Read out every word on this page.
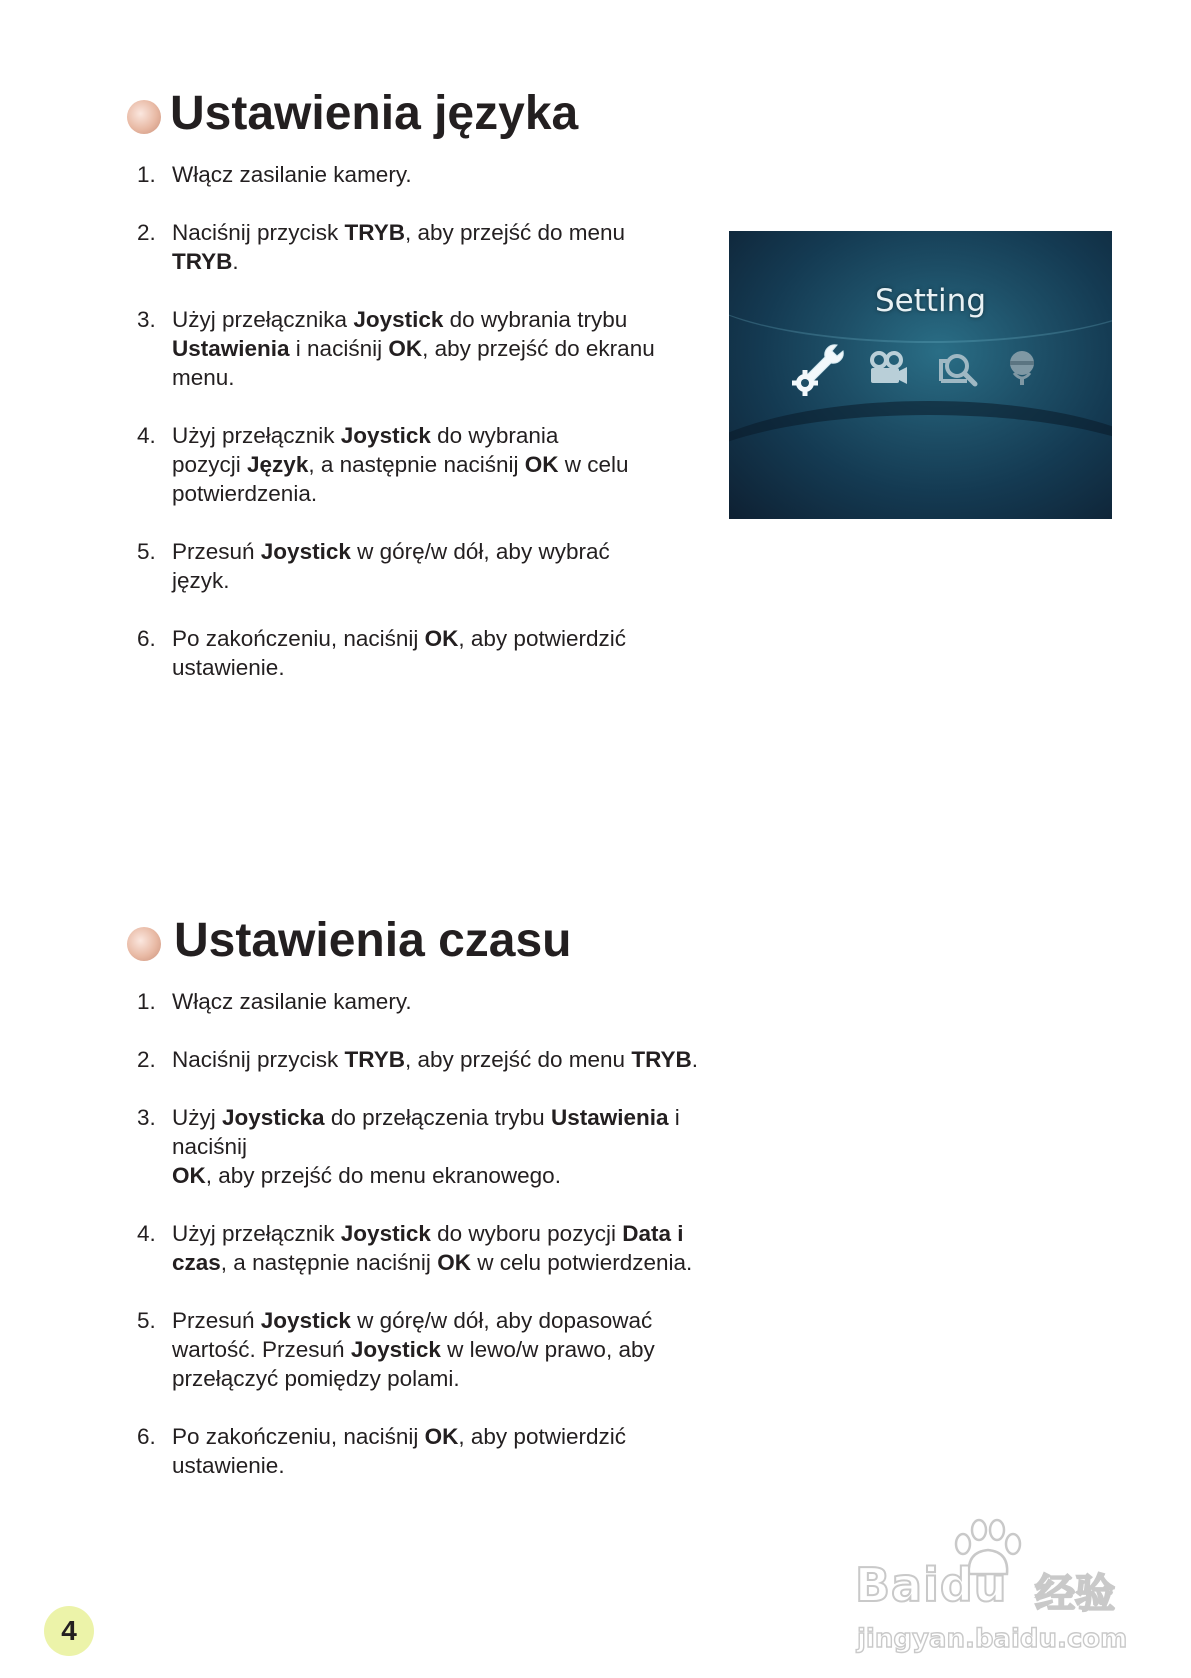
Ustawienia języka
1. Włącz zasilanie kamery.
2. Naciśnij przycisk TRYB, aby przejść do menu
TRYB.
3. Użyj przełącznika Joystick do wybrania trybu
Ustawienia i naciśnij OK, aby przejść do ekranu
menu.
4. Użyj przełącznik Joystick do wybrania
pozycji Język, a następnie naciśnij OK w celu
potwierdzenia.
5. Przesuń Joystick w górę/w dół, aby wybrać
język.
6. Po zakończeniu, naciśnij OK, aby potwierdzić
ustawienie.
Setting
Ustawienia czasu
1. Włącz zasilanie kamery.
2. Naciśnij przycisk TRYB, aby przejść do menu TRYB.
3. Użyj Joysticka do przełączenia trybu Ustawienia i
naciśnij
OK, aby przejść do menu ekranowego.
4. Użyj przełącznik Joystick do wyboru pozycji Data i
czas, a następnie naciśnij OK w celu potwierdzenia.
5. Przesuń Joystick w górę/w dół, aby dopasować
wartość. Przesuń Joystick w lewo/w prawo, aby
przełączyć pomiędzy polami.
6. Po zakończeniu, naciśnij OK, aby potwierdzić
ustawienie.
4
Baidu 经验
jingyan.baidu.com
